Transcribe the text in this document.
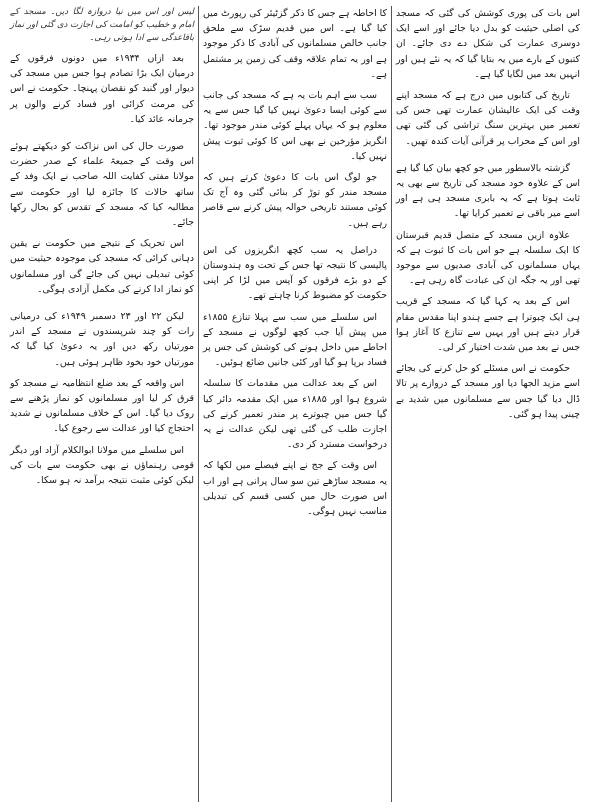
اس بات کی پوری کوشش کی گئی کہ مسجد کی اصلی حیثیت کو بدل دیا جائے اور اسے ایک دوسری عمارت کی شکل دے دی جائے۔ ان کتبوں کے بارے میں یہ بتایا گیا کہ یہ نئے ہیں اور انہیں بعد میں لگایا گیا ہے۔

تاریخ کی کتابوں میں درج ہے کہ مسجد اپنے وقت کی ایک عالیشان عمارت تھی جس کی تعمیر میں بہترین سنگ تراشی کی گئی تھی اور اس کے محراب پر قرآنی آیات کندہ تھیں۔

گزشتہ بالاسطور میں جو کچھ بیان کیا گیا ہے اس کے علاوہ خود مسجد کی تاریخ سے بھی یہ ثابت ہوتا ہے کہ یہ بابری مسجد ہی ہے اور اسے میر باقی نے تعمیر کرایا تھا۔

علاوہ ازیں مسجد کے متصل قدیم قبرستان کا ایک سلسلہ ہے جو اس بات کا ثبوت ہے کہ یہاں مسلمانوں کی آبادی صدیوں سے موجود تھی اور یہ جگہ ان کی عبادت گاہ رہی ہے۔

اس کے بعد یہ کہا گیا کہ مسجد کے قریب ہی ایک چبوترا ہے جسے ہندو اپنا مقدس مقام قرار دیتے ہیں اور یہیں سے تنازع کا آغاز ہوا جس نے بعد میں شدت اختیار کر لی۔

حکومت نے اس مسئلے کو حل کرنے کی بجائے اسے مزید الجھا دیا اور مسجد کے دروازے پر تالا ڈال دیا گیا جس سے مسلمانوں میں شدید بے چینی پیدا ہو گئی۔

کا احاطہ ہے جس کا ذکر گزٹیئر کی رپورٹ میں کیا گیا ہے۔ اس میں قدیم سڑک سے ملحق جانب خالص مسلمانوں کی آبادی کا ذکر موجود ہے اور یہ تمام علاقہ وقف کی زمین پر مشتمل ہے۔

سب سے اہم بات یہ ہے کہ مسجد کی جانب سے کوئی ایسا دعویٰ نہیں کیا گیا جس سے یہ معلوم ہو کہ یہاں پہلے کوئی مندر موجود تھا۔ انگریز مؤرخین نے بھی اس کا کوئی ثبوت پیش نہیں کیا۔

جو لوگ اس بات کا دعویٰ کرتے ہیں کہ مسجد مندر کو توڑ کر بنائی گئی وہ آج تک کوئی مستند تاریخی حوالہ پیش کرنے سے قاصر رہے ہیں۔

دراصل یہ سب کچھ انگریزوں کی اس پالیسی کا نتیجہ تھا جس کے تحت وہ ہندوستان کے دو بڑے فرقوں کو آپس میں لڑا کر اپنی حکومت کو مضبوط کرنا چاہتے تھے۔

اس سلسلے میں سب سے پہلا تنازع ۱۸۵۵ء میں پیش آیا جب کچھ لوگوں نے مسجد کے احاطے میں داخل ہونے کی کوشش کی جس پر فساد برپا ہو گیا اور کئی جانیں ضائع ہوئیں۔

اس کے بعد عدالت میں مقدمات کا سلسلہ شروع ہوا اور ۱۸۸۵ء میں ایک مقدمہ دائر کیا گیا جس میں چبوترے پر مندر تعمیر کرنے کی اجازت طلب کی گئی تھی لیکن عدالت نے یہ درخواست مسترد کر دی۔

اس وقت کے جج نے اپنے فیصلے میں لکھا کہ یہ مسجد ساڑھے تین سو سال پرانی ہے اور اب اس صورت حال میں کسی قسم کی تبدیلی مناسب نہیں ہوگی۔

لیس اور اس میں نیا دروازہ لگا دیں۔ مسجد کے امام و خطیب کو امامت کی اجازت دی گئی اور نماز باقاعدگی سے ادا ہوتی رہی۔

بعد ازاں ۱۹۳۴ء میں دونوں فرقوں کے درمیان ایک بڑا تصادم ہوا جس میں مسجد کی دیوار اور گنبد کو نقصان پہنچا۔ حکومت نے اس کی مرمت کرائی اور فساد کرنے والوں پر جرمانہ عائد کیا۔

صورت حال کی اس نزاکت کو دیکھتے ہوئے اس وقت کے جمیعۃ علماء کے صدر حضرت مولانا مفتی کفایت اللہ صاحب نے ایک وفد کے ساتھ حالات کا جائزہ لیا اور حکومت سے مطالبہ کیا کہ مسجد کے تقدس کو بحال رکھا جائے۔

اس تحریک کے نتیجے میں حکومت نے یقین دہانی کرائی کہ مسجد کی موجودہ حیثیت میں کوئی تبدیلی نہیں کی جائے گی اور مسلمانوں کو نماز ادا کرنے کی مکمل آزادی ہوگی۔

لیکن ۲۲ اور ۲۳ دسمبر ۱۹۴۹ء کی درمیانی رات کو چند شرپسندوں نے مسجد کے اندر مورتیاں رکھ دیں اور یہ دعویٰ کیا گیا کہ مورتیاں خود بخود ظاہر ہوئی ہیں۔

اس واقعہ کے بعد ضلع انتظامیہ نے مسجد کو قرق کر لیا اور مسلمانوں کو نماز پڑھنے سے روک دیا گیا۔ اس کے خلاف مسلمانوں نے شدید احتجاج کیا اور عدالت سے رجوع کیا۔

اس سلسلے میں مولانا ابوالکلام آزاد اور دیگر قومی رہنماؤں نے بھی حکومت سے بات کی لیکن کوئی مثبت نتیجہ برآمد نہ ہو سکا۔
